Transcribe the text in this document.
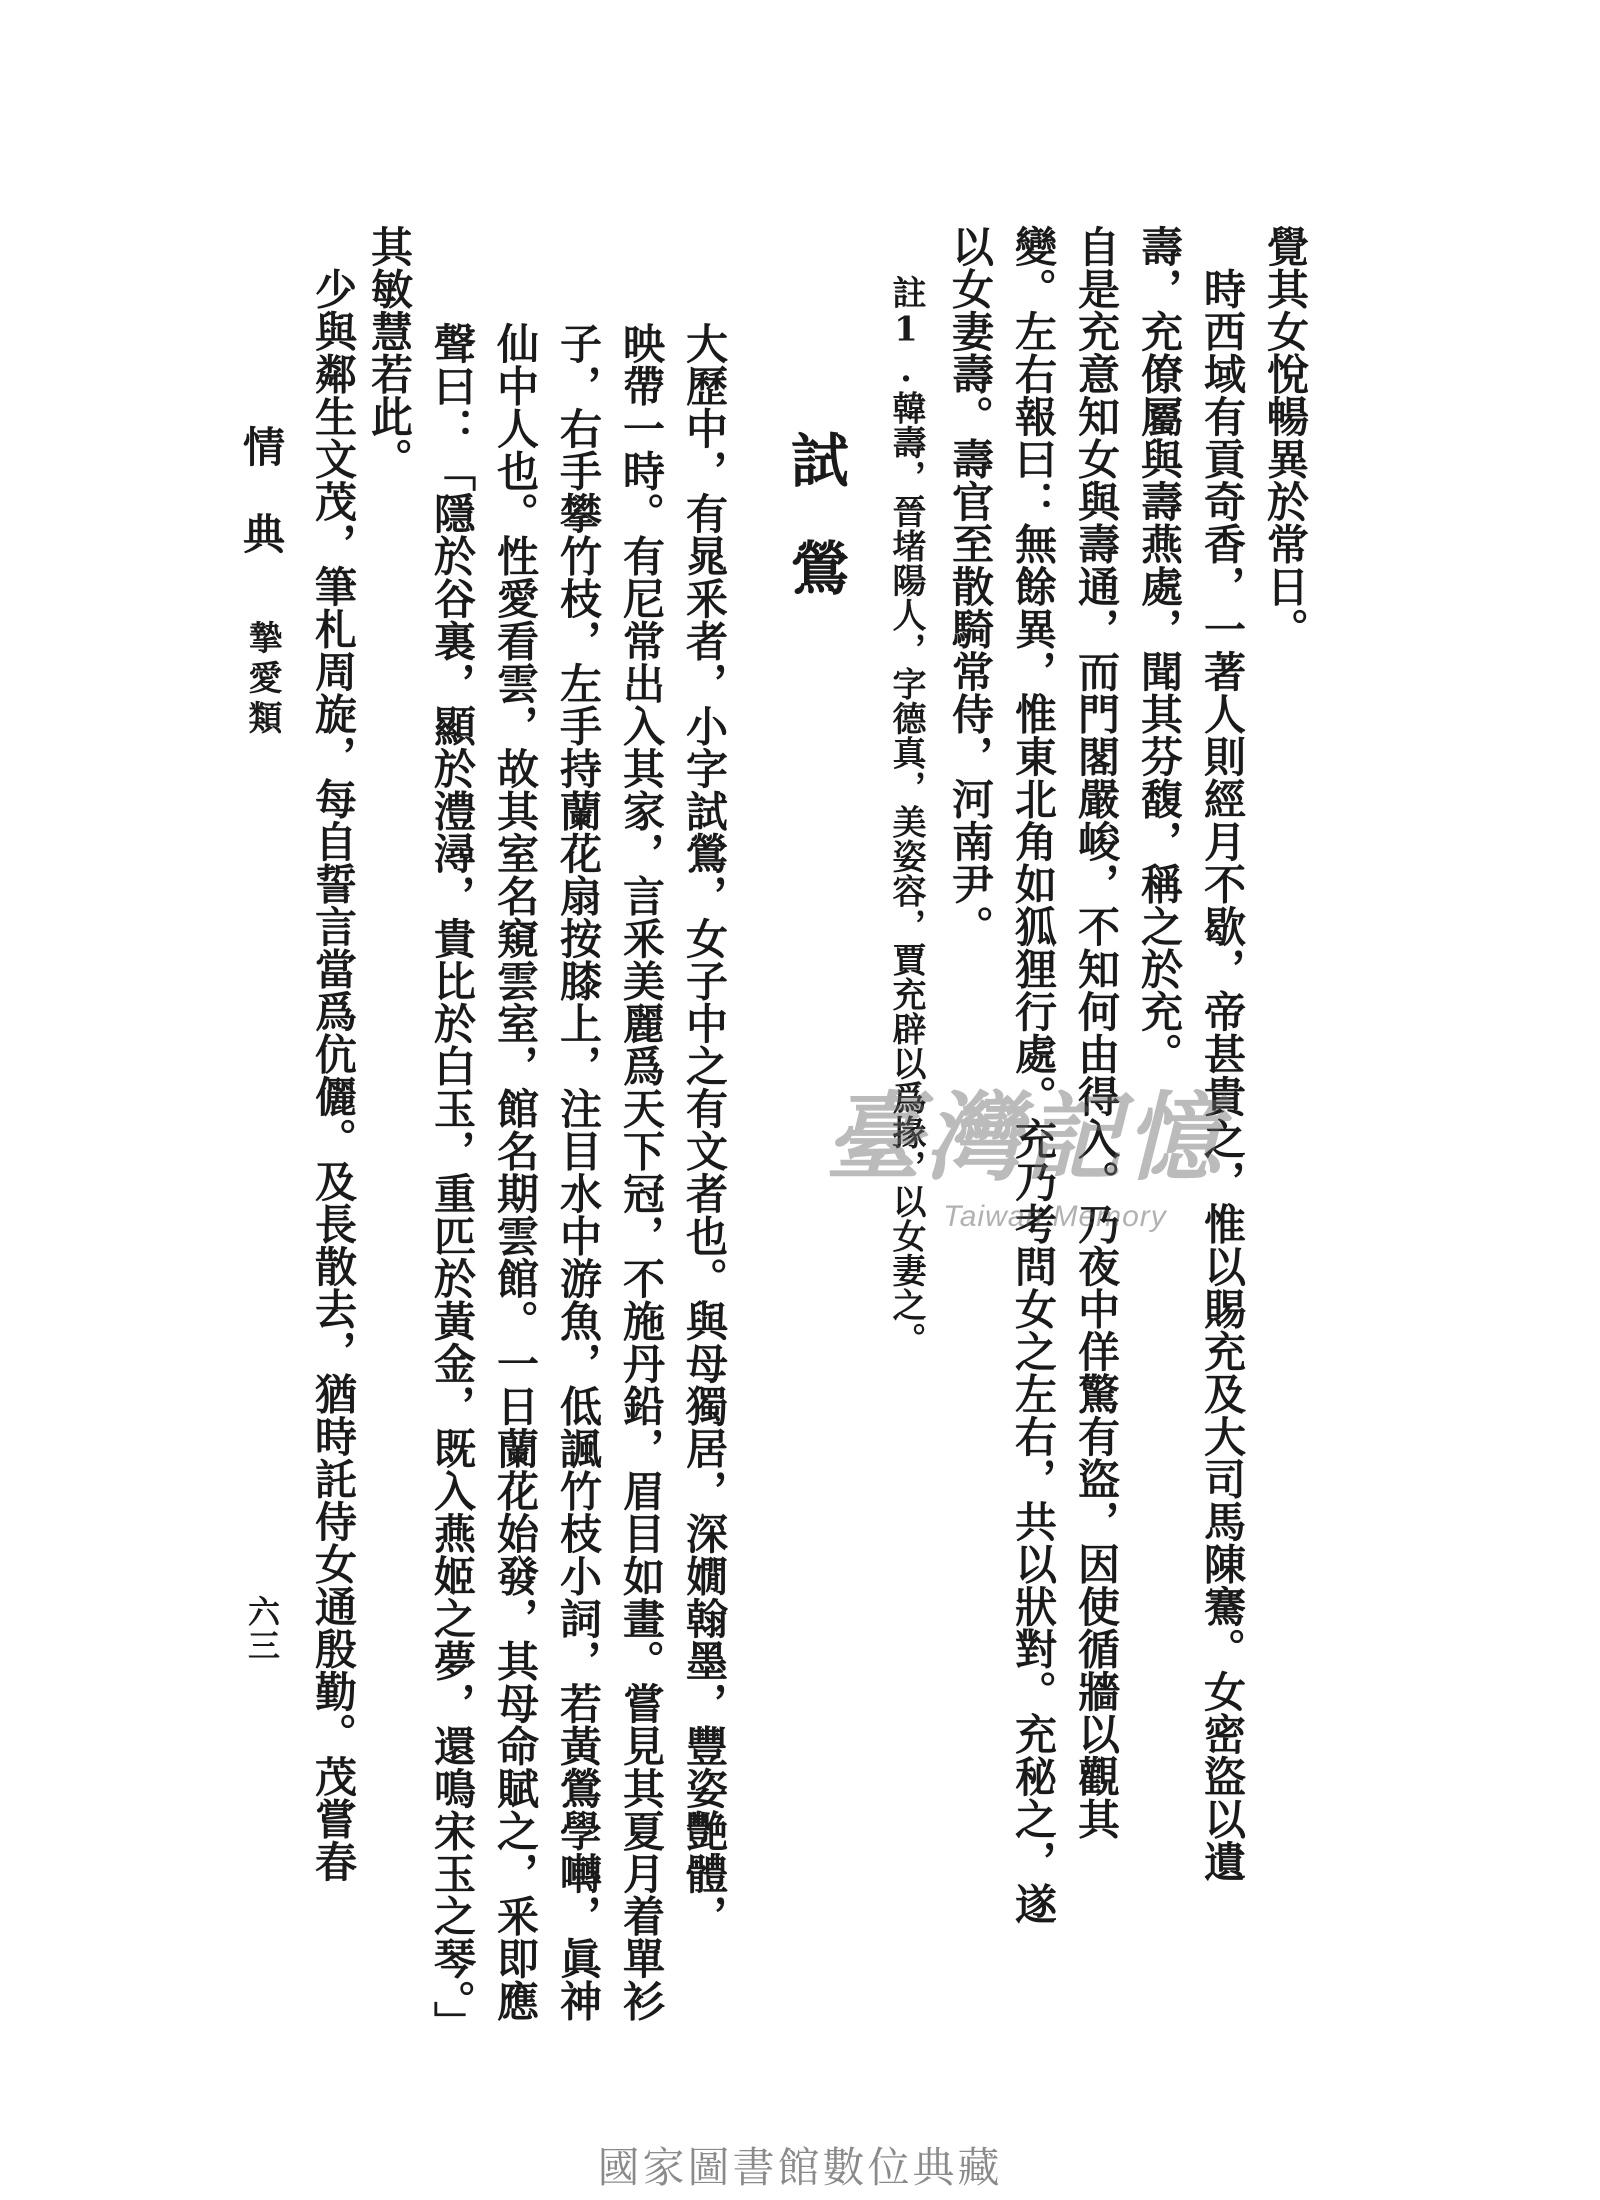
覺其女悅暢異於常日。
　時西域有貢奇香，一著人則經月不歇，帝甚貴之，惟以賜充及大司馬陳騫。女密盜以遺
壽，充僚屬與壽燕處，聞其芬馥，稱之於充。
自是充意知女與壽通，而門閣嚴峻，不知何由得入。乃夜中佯驚有盜，因使循牆以觀其
變。左右報曰：無餘異，惟東北角如狐狸行處。充乃考問女之左右，共以狀對。充秘之，遂
以女妻壽。壽官至散騎常侍，河南尹。
註1.韓壽，晉堵陽人，字德真，美姿容，賈充辟以爲掾，以女妻之。
試鶯
大歷中，有晁釆者，小字試鶯，女子中之有文者也。與母獨居，深嫺翰墨，豐姿艷體，
映帶一時。有尼常出入其家，言釆美麗爲天下冠，不施丹鉛，眉目如畫。嘗見其夏月着單衫
子，右手攀竹枝，左手持蘭花扇按膝上，注目水中游魚，低諷竹枝小詞，若黃鶯學囀，眞神
仙中人也。性愛看雲，故其室名窺雲室，館名期雲館。一日蘭花始發，其母命賦之，釆即應
聲曰：「隱於谷裏，顯於澧潯，貴比於白玉，重匹於黃金，既入燕姬之夢，還鳴宋玉之琴。」
其敏慧若此。
　少與鄰生文茂，筆札周旋，每自誓言當爲伉儷。及長散去，猶時託侍女通殷勤。茂嘗春
情典
摯愛類
六三
臺灣記憶
Taiwan Memory
國家圖書館數位典藏
